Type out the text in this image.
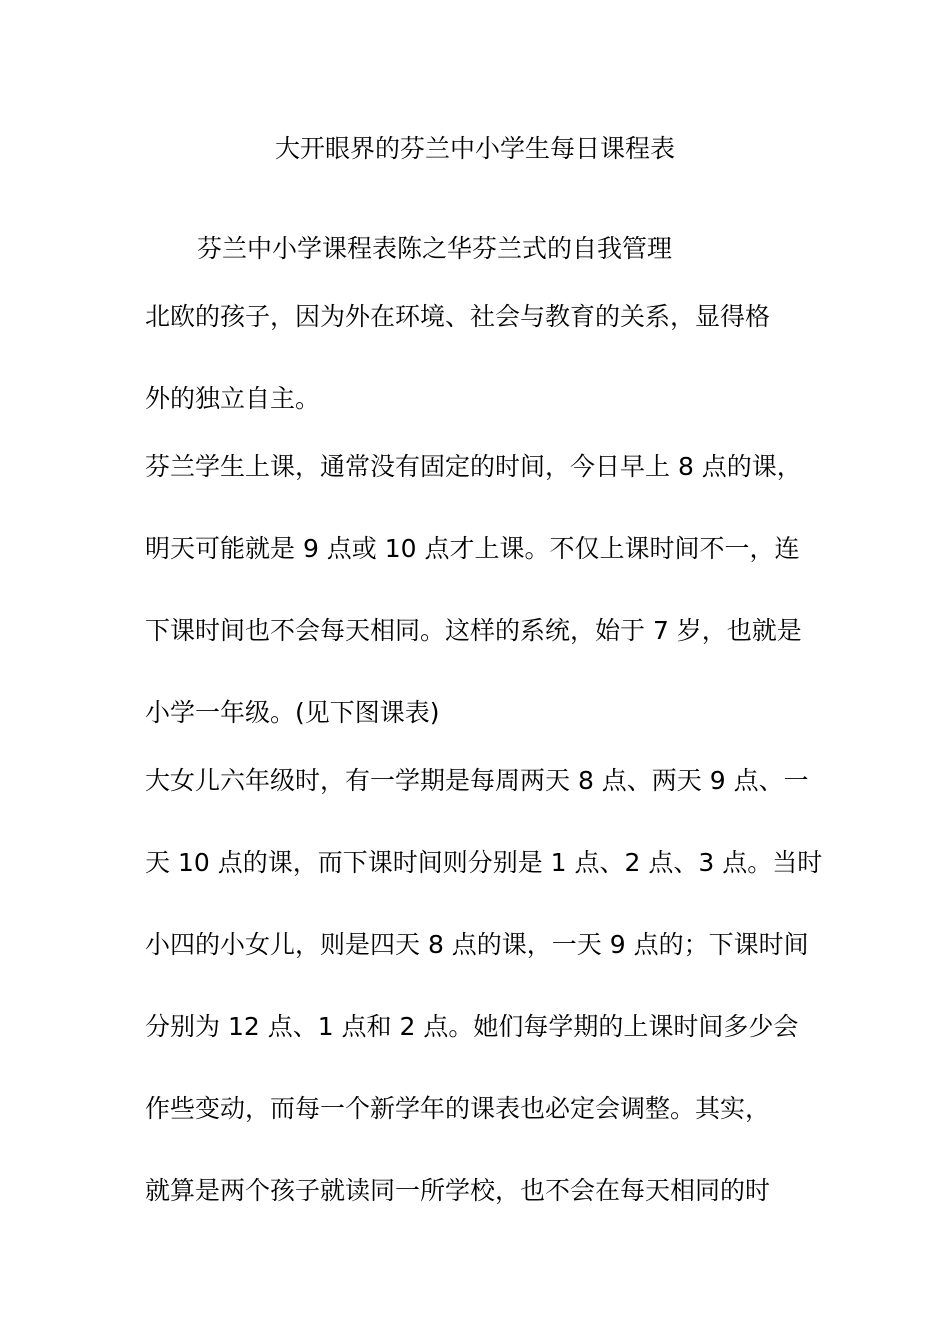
大开眼界的芬兰中小学生每日课程表
芬兰中小学课程表陈之华芬兰式的自我管理
北欧的孩子，因为外在环境、社会与教育的关系，显得格
外的独立自主。
芬兰学生上课，通常没有固定的时间，今日早上 8 点的课，
明天可能就是 9 点或 10 点才上课。不仅上课时间不一，连
下课时间也不会每天相同。这样的系统，始于 7 岁，也就是
小学一年级。(见下图课表)
大女儿六年级时，有一学期是每周两天 8 点、两天 9 点、一
天 10 点的课，而下课时间则分别是 1 点、2 点、3 点。当时
小四的小女儿，则是四天 8 点的课，一天 9 点的；下课时间
分别为 12 点、1 点和 2 点。她们每学期的上课时间多少会
作些变动，而每一个新学年的课表也必定会调整。其实，
就算是两个孩子就读同一所学校，也不会在每天相同的时
